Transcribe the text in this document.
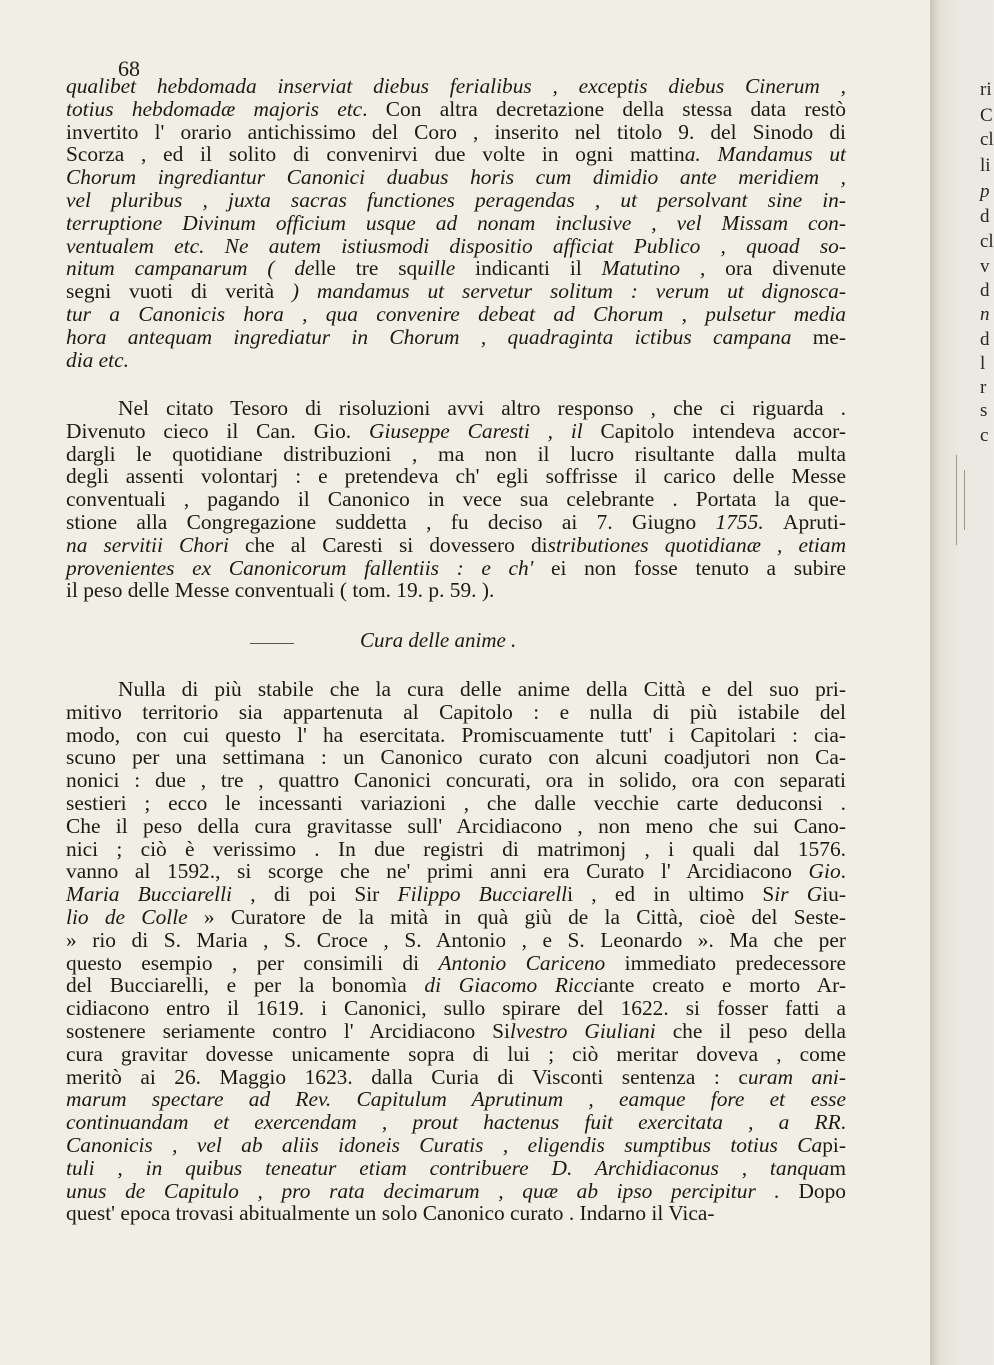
68

qualibet hebdomada inserviat diebus ferialibus , exceptis diebus Cinerum ,
totius hebdomadæ majoris etc. Con altra decretazione della stessa data restò
invertito l' orario antichissimo del Coro , inserito nel titolo 9. del Sinodo di
Scorza , ed il solito di convenirvi due volte in ogni mattina. Mandamus ut
Chorum ingrediantur Canonici duabus horis cum dimidio ante meridiem ,
vel pluribus , juxta sacras functiones peragendas , ut persolvant sine in-
terruptione Divinum officium usque ad nonam inclusive , vel Missam con-
ventualem etc. Ne autem istiusmodi dispositio afficiat Publico , quoad so-
nitum campanarum ( delle tre squille indicanti il Matutino , ora divenute
segni vuoti di verità ) mandamus ut servetur solitum : verum ut dignosca-
tur a Canonicis hora , qua convenire debeat ad Chorum , pulsetur media
hora antequam ingrediatur in Chorum , quadraginta ictibus campana me-
dia etc.

Nel citato Tesoro di risoluzioni avvi altro responso , che ci riguarda .
Divenuto cieco il Can. Gio. Giuseppe Caresti , il Capitolo intendeva accor-
dargli le quotidiane distribuzioni , ma non il lucro risultante dalla multa
degli assenti volontarj : e pretendeva ch' egli soffrisse il carico delle Messe
conventuali , pagando il Canonico in vece sua celebrante . Portata la que-
stione alla Congregazione suddetta , fu deciso ai 7. Giugno 1755. Apruti-
na servitii Chori che al Caresti si dovessero distributiones quotidianæ , etiam
provenientes ex Canonicorum fallentiis : e ch' ei non fosse tenuto a subire
il peso delle Messe conventuali ( tom. 19. p. 59. ).

Cura delle anime .

Nulla di più stabile che la cura delle anime della Città e del suo pri-
mitivo territorio sia appartenuta al Capitolo : e nulla di più istabile del
modo, con cui questo l' ha esercitata. Promiscuamente tutt' i Capitolari : cia-
scuno per una settimana : un Canonico curato con alcuni coadjutori non Ca-
nonici : due , tre , quattro Canonici concurati, ora in solido, ora con separati
sestieri ; ecco le incessanti variazioni , che dalle vecchie carte deduconsi .
Che il peso della cura gravitasse sull' Arcidiacono , non meno che sui Cano-
nici ; ciò è verissimo . In due registri di matrimonj , i quali dal 1576.
vanno al 1592., si scorge che ne' primi anni era Curato l' Arcidiacono Gio.
Maria Bucciarelli , di poi Sir Filippo Bucciarelli , ed in ultimo Sir Giu-
lio de Colle » Curatore de la mità in quà giù de la Città, cioè del Seste-
» rio di S. Maria , S. Croce , S. Antonio , e S. Leonardo ». Ma che per
questo esempio , per consimili di Antonio Cariceno immediato predecessore
del Bucciarelli, e per la bonomìa di Giacomo Ricciante creato e morto Ar-
cidiacono entro il 1619. i Canonici, sullo spirare del 1622. si fosser fatti a
sostenere seriamente contro l' Arcidiacono Silvestro Giuliani che il peso della
cura gravitar dovesse unicamente sopra di lui ; ciò meritar doveva , come
meritò ai 26. Maggio 1623. dalla Curia di Visconti sentenza : curam ani-
marum spectare ad Rev. Capitulum Aprutinum , eamque fore et esse
continuandam et exercendam , prout hactenus fuit exercitata , a RR.
Canonicis , vel ab aliis idoneis Curatis , eligendis sumptibus totius Capi-
tuli , in quibus teneatur etiam contribuere D. Archidiaconus , tanquam
unus de Capitulo , pro rata decimarum , quæ ab ipso percipitur . Dopo
quest' epoca trovasi abitualmente un solo Canonico curato . Indarno il Vica-

ri
C
cl
li
p
d
cl
v
d
n
d
l
r
s
c
